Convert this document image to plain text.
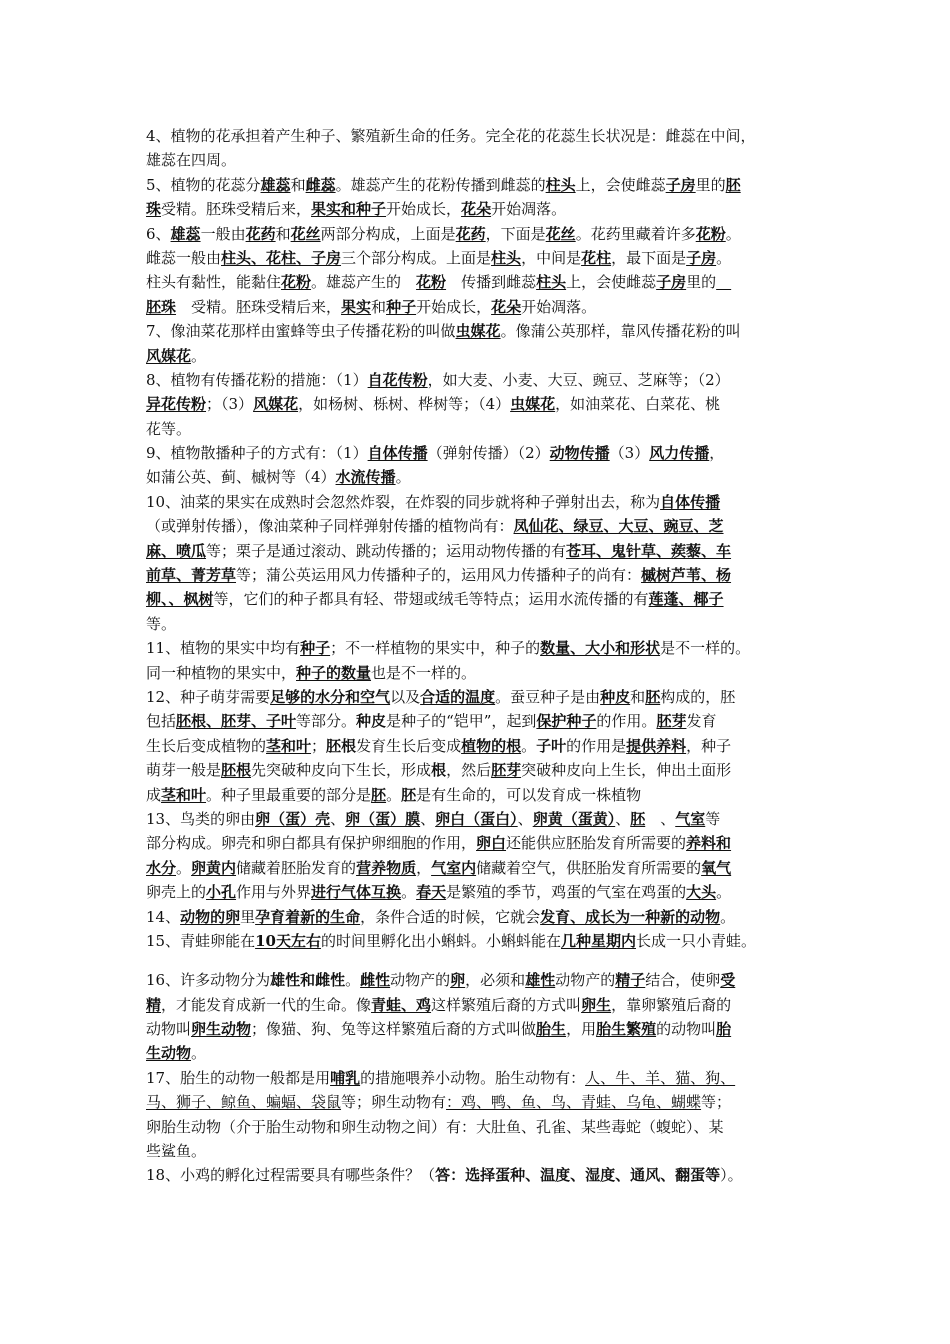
4、植物的花承担着产生种子、繁殖新生命的任务。完全花的花蕊生长状况是：雌蕊在中间，
雄蕊在四周。
5、植物的花蕊分雄蕊和雌蕊。雄蕊产生的花粉传播到雌蕊的柱头上，会使雌蕊子房里的胚
珠受精。胚珠受精后来，果实和种子开始成长，花朵开始凋落。
6、雄蕊一般由花药和花丝两部分构成，上面是花药，下面是花丝。花药里藏着许多花粉。
雌蕊一般由柱头、花柱、子房三个部分构成。上面是柱头，中间是花柱，最下面是子房。
柱头有黏性，能黏住花粉。雄蕊产生的　花粉　传播到雌蕊柱头上，会使雌蕊子房里的　
胚珠　受精。胚珠受精后来，果实和种子开始成长，花朵开始凋落。
7、像油菜花那样由蜜蜂等虫子传播花粉的叫做虫媒花。像蒲公英那样，靠风传播花粉的叫
风媒花。
8、植物有传播花粉的措施：（1）自花传粉，如大麦、小麦、大豆、豌豆、芝麻等；（2）
异花传粉；（3）风媒花，如杨树、栎树、桦树等；（4）虫媒花，如油菜花、白菜花、桃
花等。
9、植物散播种子的方式有：（1）自体传播（弹射传播）（2）动物传播（3）风力传播，
如蒲公英、蓟、槭树等（4）水流传播。
10、油菜的果实在成熟时会忽然炸裂，在炸裂的同步就将种子弹射出去，称为自体传播
（或弹射传播），像油菜种子同样弹射传播的植物尚有：凤仙花、绿豆、大豆、豌豆、芝
麻、喷瓜等；栗子是通过滚动、跳动传播的；运用动物传播的有苍耳、鬼针草、蒺藜、车
前草、菁芳草等；蒲公英运用风力传播种子的，运用风力传播种子的尚有：槭树芦苇、杨
柳、、枫树等，它们的种子都具有轻、带翅或绒毛等特点；运用水流传播的有莲蓬、椰子
等。
11、植物的果实中均有种子；不一样植物的果实中，种子的数量、大小和形状是不一样的。
同一种植物的果实中，种子的数量也是不一样的。
12、种子萌芽需要足够的水分和空气以及合适的温度。蚕豆种子是由种皮和胚构成的，胚
包括胚根、胚芽、子叶等部分。种皮是种子的“铠甲”，起到保护种子的作用。胚芽发育
生长后变成植物的茎和叶；胚根发育生长后变成植物的根。子叶的作用是提供养料，种子
萌芽一般是胚根先突破种皮向下生长，形成根，然后胚芽突破种皮向上生长，伸出土面形
成茎和叶。种子里最重要的部分是胚。胚是有生命的，可以发育成一株植物
13、鸟类的卵由卵（蛋）壳、卵（蛋）膜、卵白（蛋白）、卵黄（蛋黄）、胚　、气室等
部分构成。卵壳和卵白都具有保护卵细胞的作用，卵白还能供应胚胎发育所需要的养料和
水分。卵黄内储藏着胚胎发育的营养物质，气室内储藏着空气，供胚胎发育所需要的氧气
卵壳上的小孔作用与外界进行气体互换。春天是繁殖的季节，鸡蛋的气室在鸡蛋的大头。
14、动物的卵里孕育着新的生命，条件合适的时候，它就会发育、成长为一种新的动物。
15、青蛙卵能在10天左右的时间里孵化出小蝌蚪。小蝌蚪能在几种星期内长成一只小青蛙。
16、许多动物分为雄性和雌性。雌性动物产的卵，必须和雄性动物产的精子结合，使卵受
精，才能发育成新一代的生命。像青蛙、鸡这样繁殖后裔的方式叫卵生，靠卵繁殖后裔的
动物叫卵生动物；像猫、狗、兔等这样繁殖后裔的方式叫做胎生，用胎生繁殖的动物叫胎
生动物。
17、胎生的动物一般都是用哺乳的措施喂养小动物。胎生动物有：人、牛、羊、猫、狗、
马、狮子、鲸鱼、蝙蝠、袋鼠等；卵生动物有：鸡、鸭、鱼、鸟、青蛙、乌龟、蝴蝶等；
卵胎生动物（介于胎生动物和卵生动物之间）有：大肚鱼、孔雀、某些毒蛇（蝮蛇）、某
些鲨鱼。
18、小鸡的孵化过程需要具有哪些条件？（答：选择蛋种、温度、湿度、通风、翻蛋等）。
